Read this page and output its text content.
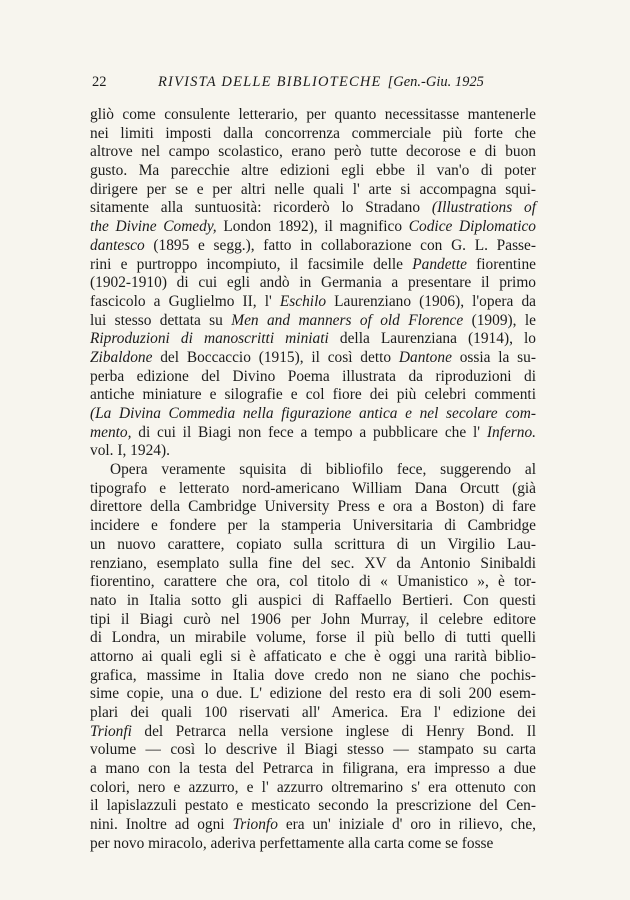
22	RIVISTA DELLE BIBLIOTECHE [Gen.-Giu. 1925
gliò come consulente letterario, per quanto necessitasse mantenerle
nei limiti imposti dalla concorrenza commerciale più forte che
altrove nel campo scolastico, erano però tutte decorose e di buon
gusto. Ma parecchie altre edizioni egli ebbe il van'o di poter
dirigere per se e per altri nelle quali l' arte si accompagna squi-
sitamente alla suntuosità: ricorderò lo Stradano (Illustrations of
the Divine Comedy, London 1892), il magnifico Codice Diplomatico
dantesco (1895 e segg.), fatto in collaborazione con G. L. Passe-
rini e purtroppo incompiuto, il facsimile delle Pandette fiorentine
(1902-1910) di cui egli andò in Germania a presentare il primo
fascicolo a Guglielmo II, l' Eschilo Laurenziano (1906), l'opera da
lui stesso dettata su Men and manners of old Florence (1909), le
Riproduzioni di manoscritti miniati della Laurenziana (1914), lo
Zibaldone del Boccaccio (1915), il così detto Dantone ossia la su-
perba edizione del Divino Poema illustrata da riproduzioni di
antiche miniature e silografie e col fiore dei più celebri commenti
(La Divina Commedia nella figurazione antica e nel secolare com-
mento, di cui il Biagi non fece a tempo a pubblicare che l' Inferno.
vol. I, 1924).
Opera veramente squisita di bibliofilo fece, suggerendo al
tipografo e letterato nord-americano William Dana Orcutt (già
direttore della Cambridge University Press e ora a Boston) di fare
incidere e fondere per la stamperia Universitaria di Cambridge
un nuovo carattere, copiato sulla scrittura di un Virgilio Lau-
renziano, esemplato sulla fine del sec. XV da Antonio Sinibaldi
fiorentino, carattere che ora, col titolo di « Umanistico », è tor-
nato in Italia sotto gli auspici di Raffaello Bertieri. Con questi
tipi il Biagi curò nel 1906 per John Murray, il celebre editore
di Londra, un mirabile volume, forse il più bello di tutti quelli
attorno ai quali egli si è affaticato e che è oggi una rarità biblio-
grafica, massime in Italia dove credo non ne siano che pochis-
sime copie, una o due. L' edizione del resto era di soli 200 esem-
plari dei quali 100 riservati all' America. Era l' edizione dei
Trionfi del Petrarca nella versione inglese di Henry Bond. Il
volume — così lo descrive il Biagi stesso — stampato su carta
a mano con la testa del Petrarca in filigrana, era impresso a due
colori, nero e azzurro, e l' azzurro oltremarino s' era ottenuto con
il lapislazzuli pestato e mesticato secondo la prescrizione del Cen-
nini. Inoltre ad ogni Trionfo era un' iniziale d' oro in rilievo, che,
per novo miracolo, aderiva perfettamente alla carta come se fosse
